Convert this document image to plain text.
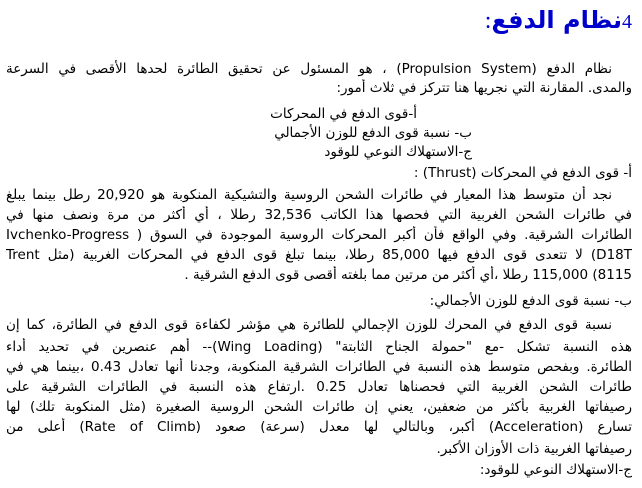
4نظام الدفع:
نظام الدفع (Propulsion System) ، هو المسئول عن تحقيق الطائرة لحدها الأقصى في السرعة
والمدى. المقارنة التي نجريها هنا تتركز في ثلاث أمور:
أ-قوى الدفع في المحركات
ب- نسبة قوى الدفع للوزن الأجمالي
ج-الاستهلاك النوعي للوقود
أ- قوى الدفع في المحركات (Thrust) :
نجد أن متوسط هذا المعيار في طائرات الشحن الروسية والتشيكية المنكوبة هو 20,920 رطل بينما يبلغ
في طائرات الشحن الغربية التي فحصها هذا الكاتب 32,536 رطلا ، أي أكثر من مرة ونصف منها في
الطائرات الشرقية. وفي الواقع فأن أكبر المحركات الروسية الموجودة في السوق ( Ivchenko-Progress
D18T) لا تتعدى قوى الدفع فيها 85,000 رطلا، بينما تبلغ قوى الدفع في المحركات الغربية (مثل Trent
8115) 115,000 رطلا ،أي أكثر من مرتين مما بلغته أقصى قوى الدفع الشرقية .
ب- نسبة قوى الدفع للوزن الأجمالي:
نسبة قوى الدفع في المحرك للوزن الإجمالي للطائرة هي مؤشر لكفاءة قوى الدفع في الطائرة، كما إن
هذه النسبة تشكل -مع "حمولة الجناح الثابتة" (Wing Loading)-- أهم عنصرين في تحديد أداء
الطائرة. وبفحص متوسط هذه النسبة في الطائرات الشرقية المنكوبة، وجدنا أنها تعادل 0.43 ،بينما هي في
طائرات الشحن الغربية التي فحصناها تعادل 0.25 .ارتفاع هذه النسبة في الطائرات الشرقية على
رصيفاتها الغربية بأكثر من ضعفين، يعني إن طائرات الشحن الروسية الصغيرة (مثل المنكوبة تلك) لها
تسارع (Acceleration) أكبر، وبالتالي لها معدل (سرعة) صعود (Rate of Climb) أعلى من
رصيفاتها الغربية ذات الأوزان الأكبر.
ج-الاستهلاك النوعي للوقود:
